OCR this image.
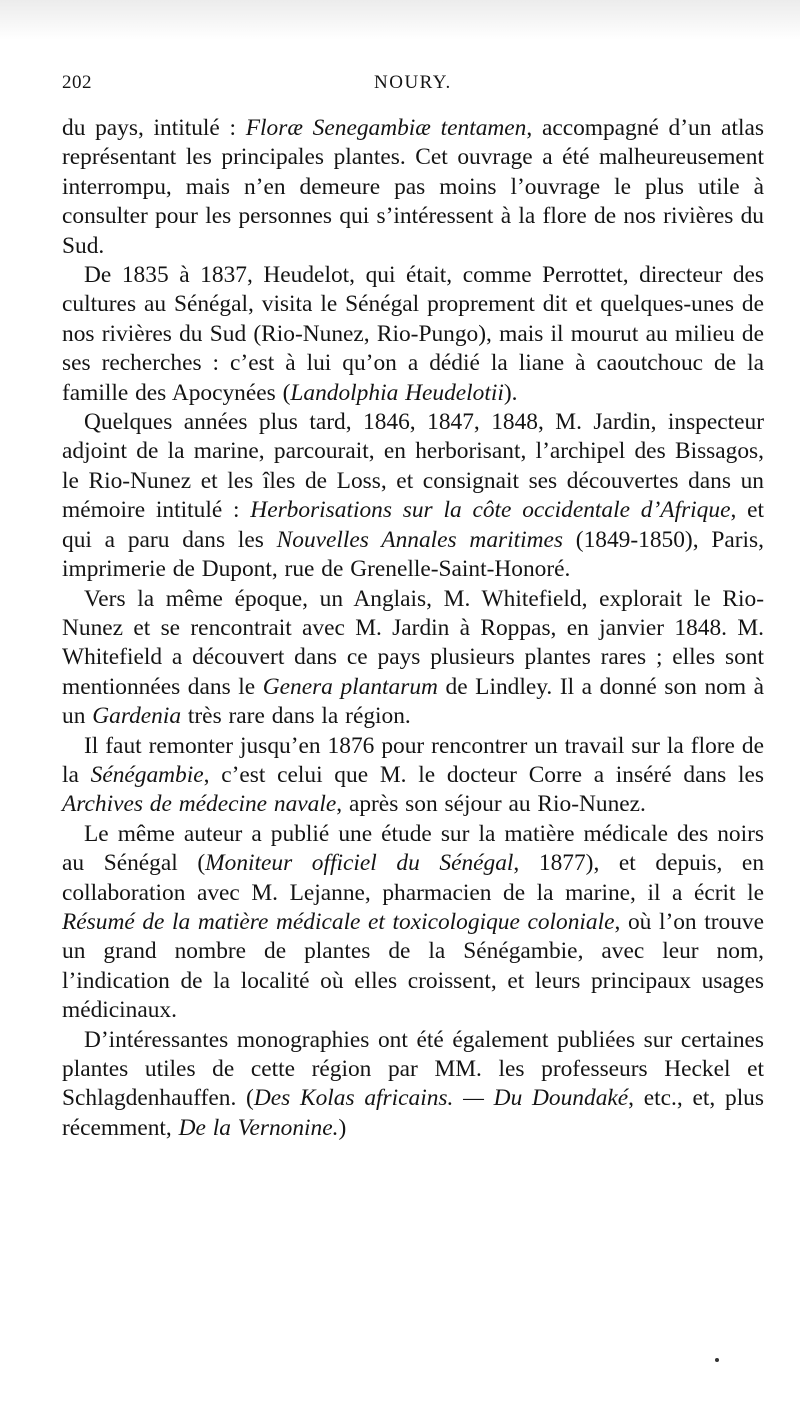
202	NOURY.

du pays, intitulé : Floræ Senegambiæ tentamen, accompagné d’un atlas représentant les principales plantes. Cet ouvrage a été malheureusement interrompu, mais n’en demeure pas moins l’ouvrage le plus utile à consulter pour les personnes qui s’intéressent à la flore de nos rivières du Sud.

De 1835 à 1837, Heudelot, qui était, comme Perrottet, directeur des cultures au Sénégal, visita le Sénégal proprement dit et quelques-unes de nos rivières du Sud (Rio-Nunez, Rio-Pungo), mais il mourut au milieu de ses recherches : c’est à lui qu’on a dédié la liane à caoutchouc de la famille des Apocynées (Landolphia Heudelotii).

Quelques années plus tard, 1846, 1847, 1848, M. Jardin, inspecteur adjoint de la marine, parcourait, en herborisant, l’archipel des Bissagos, le Rio-Nunez et les îles de Loss, et consignait ses découvertes dans un mémoire intitulé : Herborisations sur la côte occidentale d’Afrique, et qui a paru dans les Nouvelles Annales maritimes (1849-1850), Paris, imprimerie de Dupont, rue de Grenelle-Saint-Honoré.

Vers la même époque, un Anglais, M. Whitefield, explorait le Rio-Nunez et se rencontrait avec M. Jardin à Roppas, en janvier 1848. M. Whitefield a découvert dans ce pays plusieurs plantes rares ; elles sont mentionnées dans le Genera plantarum de Lindley. Il a donné son nom à un Gardenia très rare dans la région.

Il faut remonter jusqu’en 1876 pour rencontrer un travail sur la flore de la Sénégambie, c’est celui que M. le docteur Corre a inséré dans les Archives de médecine navale, après son séjour au Rio-Nunez.

Le même auteur a publié une étude sur la matière médicale des noirs au Sénégal (Moniteur officiel du Sénégal, 1877), et depuis, en collaboration avec M. Lejanne, pharmacien de la marine, il a écrit le Résumé de la matière médicale et toxicologique coloniale, où l’on trouve un grand nombre de plantes de la Sénégambie, avec leur nom, l’indication de la localité où elles croissent, et leurs principaux usages médicinaux.

D’intéressantes monographies ont été également publiées sur certaines plantes utiles de cette région par MM. les professeurs Heckel et Schlagdenhauffen. (Des Kolas africains. — Du Doundaké, etc., et, plus récemment, De la Vernonine.)
